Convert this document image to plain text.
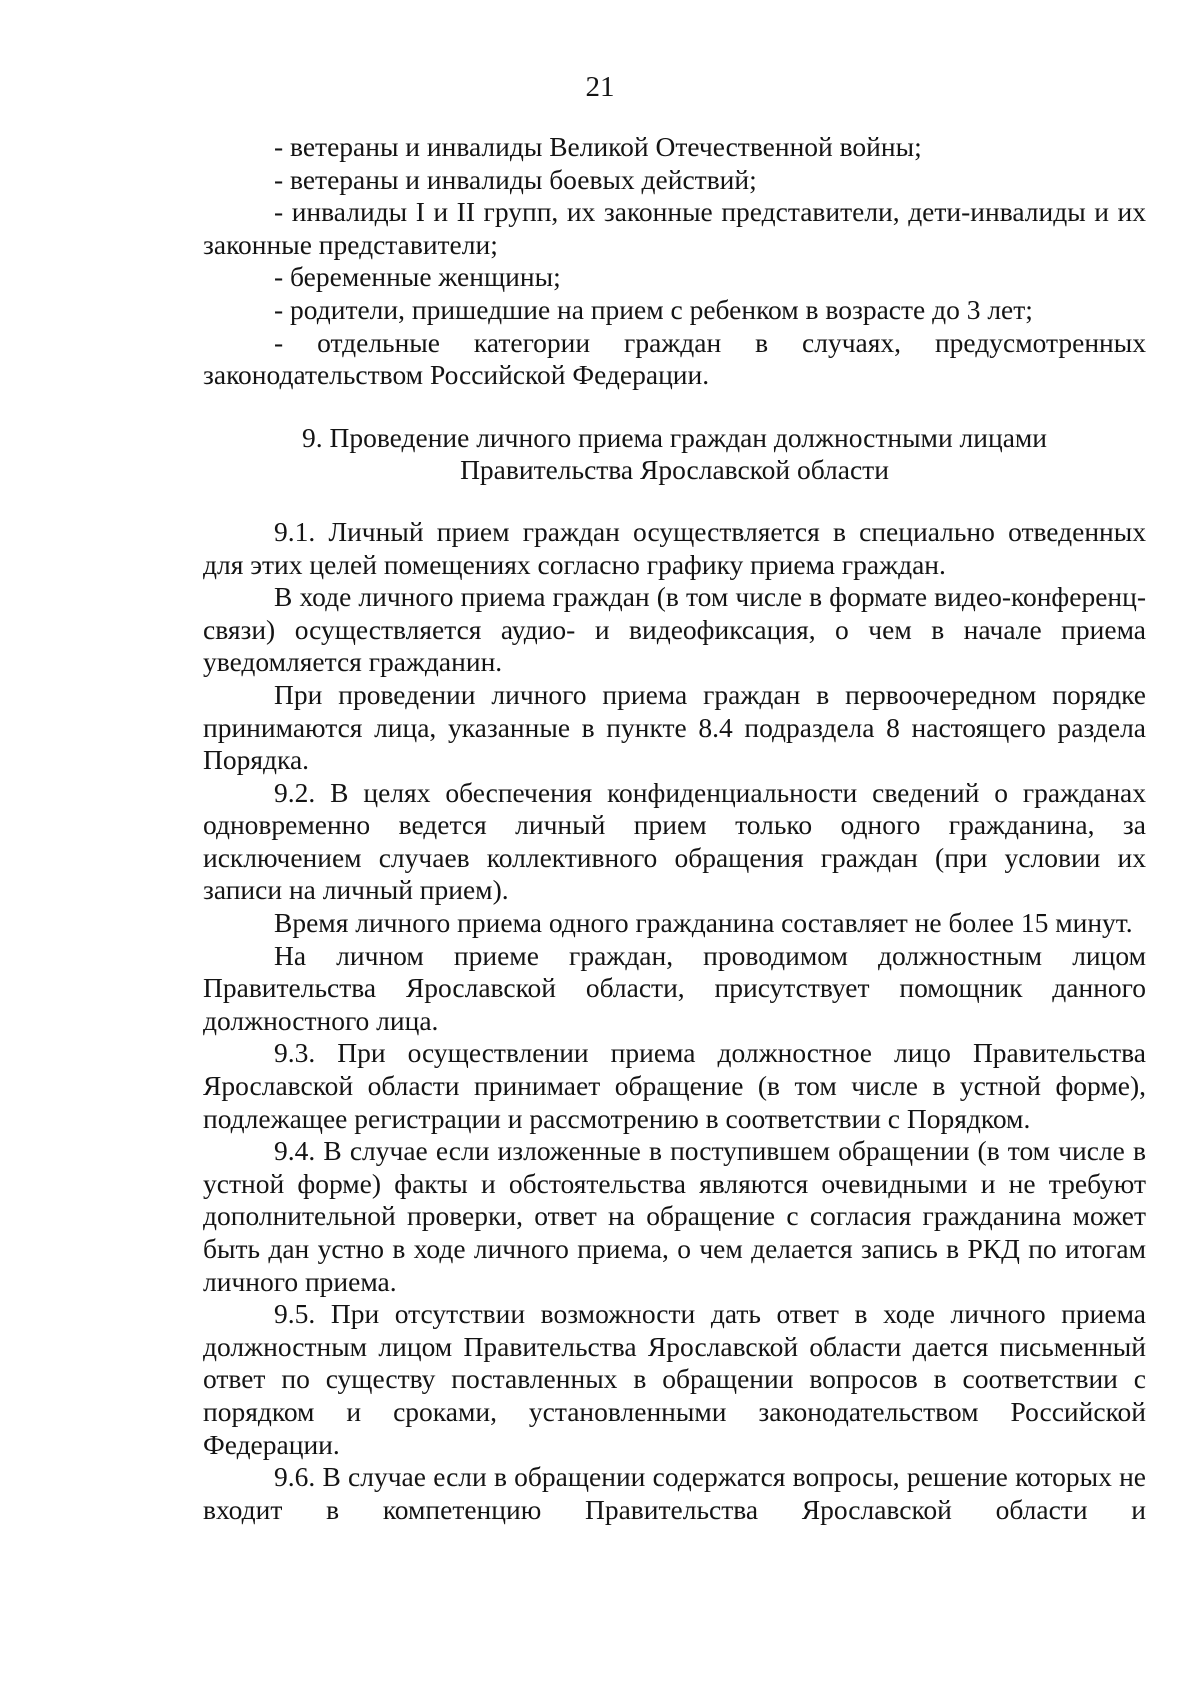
21

- ветераны и инвалиды Великой Отечественной войны;

- ветераны и инвалиды боевых действий;

- инвалиды I и II групп, их законные представители, дети-инвалиды и их законные представители;

- беременные женщины;

- родители, пришедшие на прием с ребенком в возрасте до 3 лет;

- отдельные категории граждан в случаях, предусмотренных законодательством Российской Федерации.

9. Проведение личного приема граждан должностными лицами
Правительства Ярославской области

9.1. Личный прием граждан осуществляется в специально отведенных для этих целей помещениях согласно графику приема граждан.

В ходе личного приема граждан (в том числе в формате видео-конференц-связи) осуществляется аудио- и видеофиксация, о чем в начале приема уведомляется гражданин.

При проведении личного приема граждан в первоочередном порядке принимаются лица, указанные в пункте 8.4 подраздела 8 настоящего раздела Порядка.

9.2. В целях обеспечения конфиденциальности сведений о гражданах одновременно ведется личный прием только одного гражданина, за исключением случаев коллективного обращения граждан (при условии их записи на личный прием).

Время личного приема одного гражданина составляет не более 15 минут.

На личном приеме граждан, проводимом должностным лицом Правительства Ярославской области, присутствует помощник данного должностного лица.

9.3. При осуществлении приема должностное лицо Правительства Ярославской области принимает обращение (в том числе в устной форме), подлежащее регистрации и рассмотрению в соответствии с Порядком.

9.4. В случае если изложенные в поступившем обращении (в том числе в устной форме) факты и обстоятельства являются очевидными и не требуют дополнительной проверки, ответ на обращение с согласия гражданина может быть дан устно в ходе личного приема, о чем делается запись в РКД по итогам личного приема.

9.5. При отсутствии возможности дать ответ в ходе личного приема должностным лицом Правительства Ярославской области дается письменный ответ по существу поставленных в обращении вопросов в соответствии с порядком и сроками, установленными законодательством Российской Федерации.

9.6. В случае если в обращении содержатся вопросы, решение которых не входит в компетенцию Правительства Ярославской области и
